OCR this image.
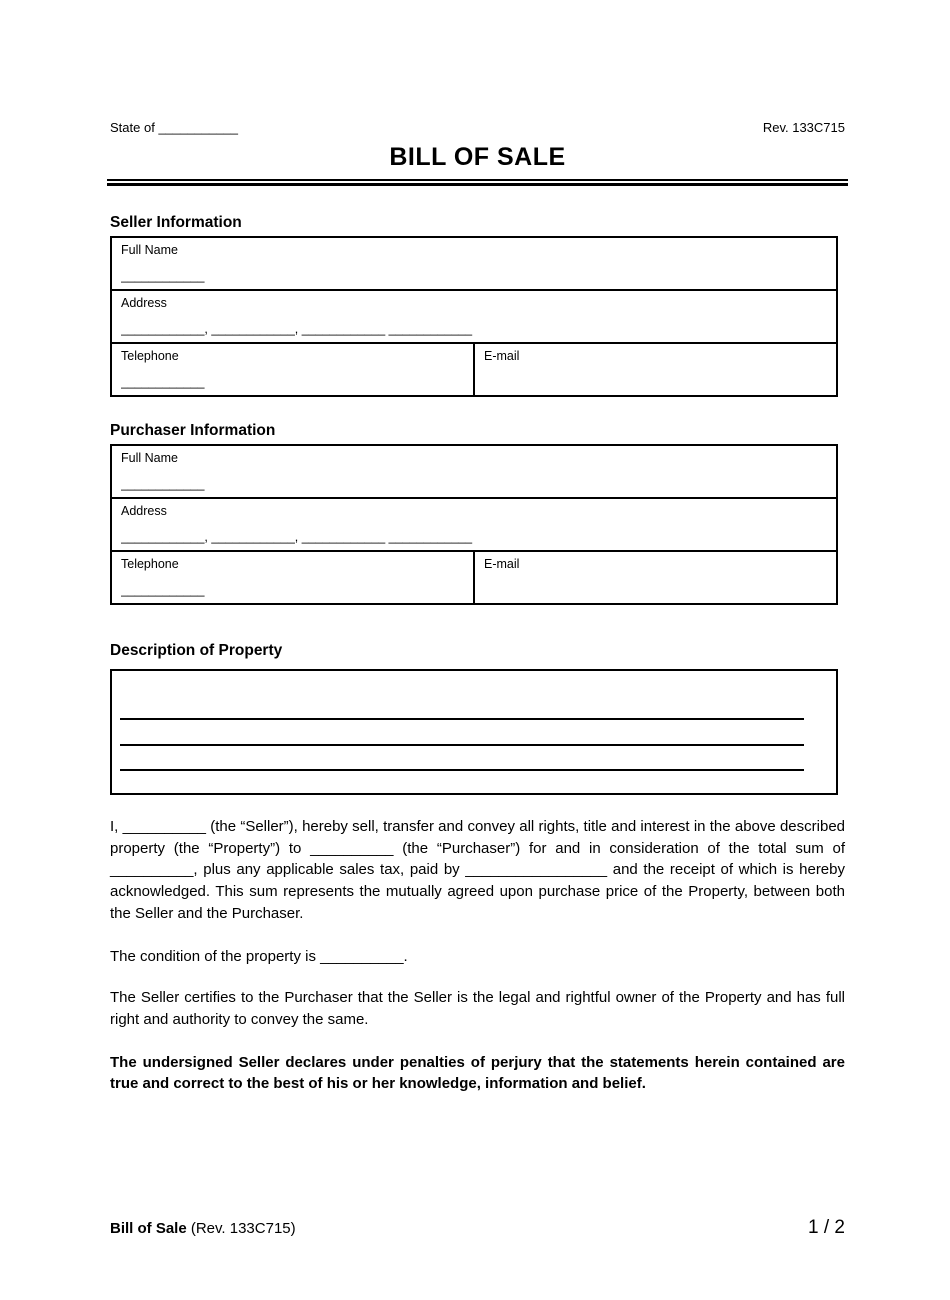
State of ___________	Rev. 133C715
BILL OF SALE
Seller Information
Full Name
____________

Address
____________, ____________, ____________ ____________

Telephone
____________

E-mail
Purchaser Information
Full Name
____________

Address
____________, ____________, ____________ ____________

Telephone
____________

E-mail
Description of Property

I, __________ (the “Seller”), hereby sell, transfer and convey all rights, title and interest in the above described property (the “Property”) to __________ (the “Purchaser”) for and in consideration of the total sum of __________, plus any applicable sales tax, paid by _________________ and the receipt of which is hereby acknowledged. This sum represents the mutually agreed upon purchase price of the Property, between both the Seller and the Purchaser.

The condition of the property is __________.

The Seller certifies to the Purchaser that the Seller is the legal and rightful owner of the Property and has full right and authority to convey the same.

The undersigned Seller declares under penalties of perjury that the statements herein contained are true and correct to the best of his or her knowledge, information and belief.

Bill of Sale (Rev. 133C715)	1 / 2
